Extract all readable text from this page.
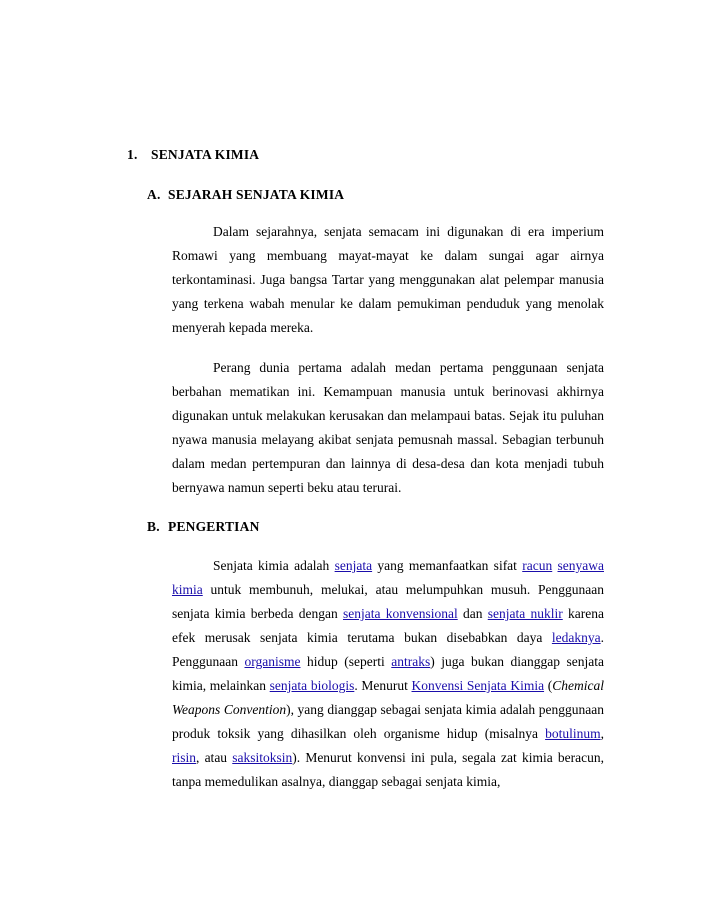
1. SENJATA KIMIA
A. SEJARAH SENJATA KIMIA

Dalam sejarahnya, senjata semacam ini digunakan di era imperium Romawi yang membuang mayat-mayat ke dalam sungai agar airnya terkontaminasi. Juga bangsa Tartar yang menggunakan alat pelempar manusia yang terkena wabah menular ke dalam pemukiman penduduk yang menolak menyerah kepada mereka.

Perang dunia pertama adalah medan pertama penggunaan senjata berbahan mematikan ini. Kemampuan manusia untuk berinovasi akhirnya digunakan untuk melakukan kerusakan dan melampaui batas. Sejak itu puluhan nyawa manusia melayang akibat senjata pemusnah massal. Sebagian terbunuh dalam medan pertempuran dan lainnya di desa-desa dan kota menjadi tubuh bernyawa namun seperti beku atau terurai.

B. PENGERTIAN

Senjata kimia adalah senjata yang memanfaatkan sifat racun senyawa kimia untuk membunuh, melukai, atau melumpuhkan musuh. Penggunaan senjata kimia berbeda dengan senjata konvensional dan senjata nuklir karena efek merusak senjata kimia terutama bukan disebabkan daya ledaknya. Penggunaan organisme hidup (seperti antraks) juga bukan dianggap senjata kimia, melainkan senjata biologis. Menurut Konvensi Senjata Kimia (Chemical Weapons Convention), yang dianggap sebagai senjata kimia adalah penggunaan produk toksik yang dihasilkan oleh organisme hidup (misalnya botulinum, risin, atau saksitoksin). Menurut konvensi ini pula, segala zat kimia beracun, tanpa memedulikan asalnya, dianggap sebagai senjata kimia,
